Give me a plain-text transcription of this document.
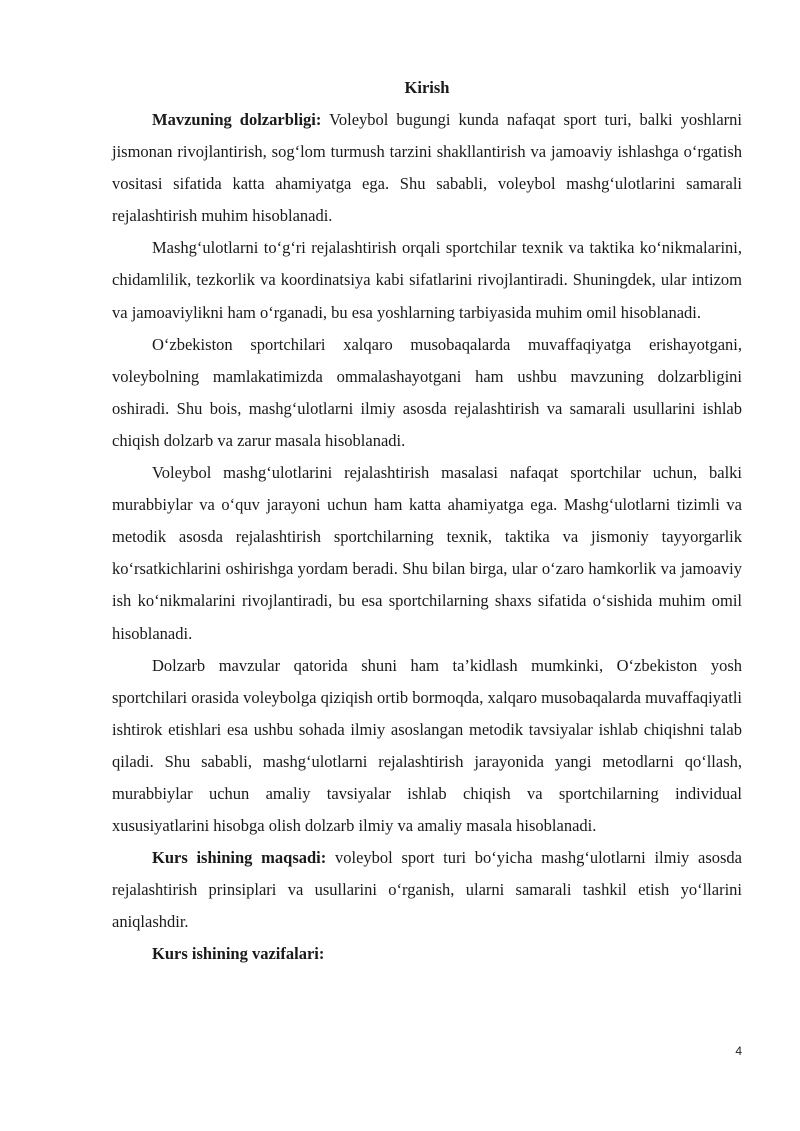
Kirish

Mavzuning dolzarbligi: Voleybol bugungi kunda nafaqat sport turi, balki yoshlarni jismonan rivojlantirish, sog‘lom turmush tarzini shakllantirish va jamoaviy ishlashga o‘rgatish vositasi sifatida katta ahamiyatga ega. Shu sababli, voleybol mashg‘ulotlarini samarali rejalashtirish muhim hisoblanadi.

Mashg‘ulotlarni to‘g‘ri rejalashtirish orqali sportchilar texnik va taktika ko‘nikmalarini, chidamlilik, tezkorlik va koordinatsiya kabi sifatlarini rivojlantiradi. Shuningdek, ular intizom va jamoaviylikni ham o‘rganadi, bu esa yoshlarning tarbiyasida muhim omil hisoblanadi.

O‘zbekiston sportchilari xalqaro musobaqalarda muvaffaqiyatga erishayotgani, voleybolning mamlakatimizda ommalashayotgani ham ushbu mavzuning dolzarbligini oshiradi. Shu bois, mashg‘ulotlarni ilmiy asosda rejalashtirish va samarali usullarini ishlab chiqish dolzarb va zarur masala hisoblanadi.

Voleybol mashg‘ulotlarini rejalashtirish masalasi nafaqat sportchilar uchun, balki murabbiylar va o‘quv jarayoni uchun ham katta ahamiyatga ega. Mashg‘ulotlarni tizimli va metodik asosda rejalashtirish sportchilarning texnik, taktika va jismoniy tayyorgarlik ko‘rsatkichlarini oshirishga yordam beradi. Shu bilan birga, ular o‘zaro hamkorlik va jamoaviy ish ko‘nikmalarini rivojlantiradi, bu esa sportchilarning shaxs sifatida o‘sishida muhim omil hisoblanadi.

Dolzarb mavzular qatorida shuni ham ta’kidlash mumkinki, O‘zbekiston yosh sportchilari orasida voleybolga qiziqish ortib bormoqda, xalqaro musobaqalarda muvaffaqiyatli ishtirok etishlari esa ushbu sohada ilmiy asoslangan metodik tavsiyalar ishlab chiqishni talab qiladi. Shu sababli, mashg‘ulotlarni rejalashtirish jarayonida yangi metodlarni qo‘llash, murabbiylar uchun amaliy tavsiyalar ishlab chiqish va sportchilarning individual xususiyatlarini hisobga olish dolzarb ilmiy va amaliy masala hisoblanadi.

Kurs ishining maqsadi: voleybol sport turi bo‘yicha mashg‘ulotlarni ilmiy asosda rejalashtirish prinsiplari va usullarini o‘rganish, ularni samarali tashkil etish yo‘llarini aniqlashdir.

Kurs ishining vazifalari:

4
